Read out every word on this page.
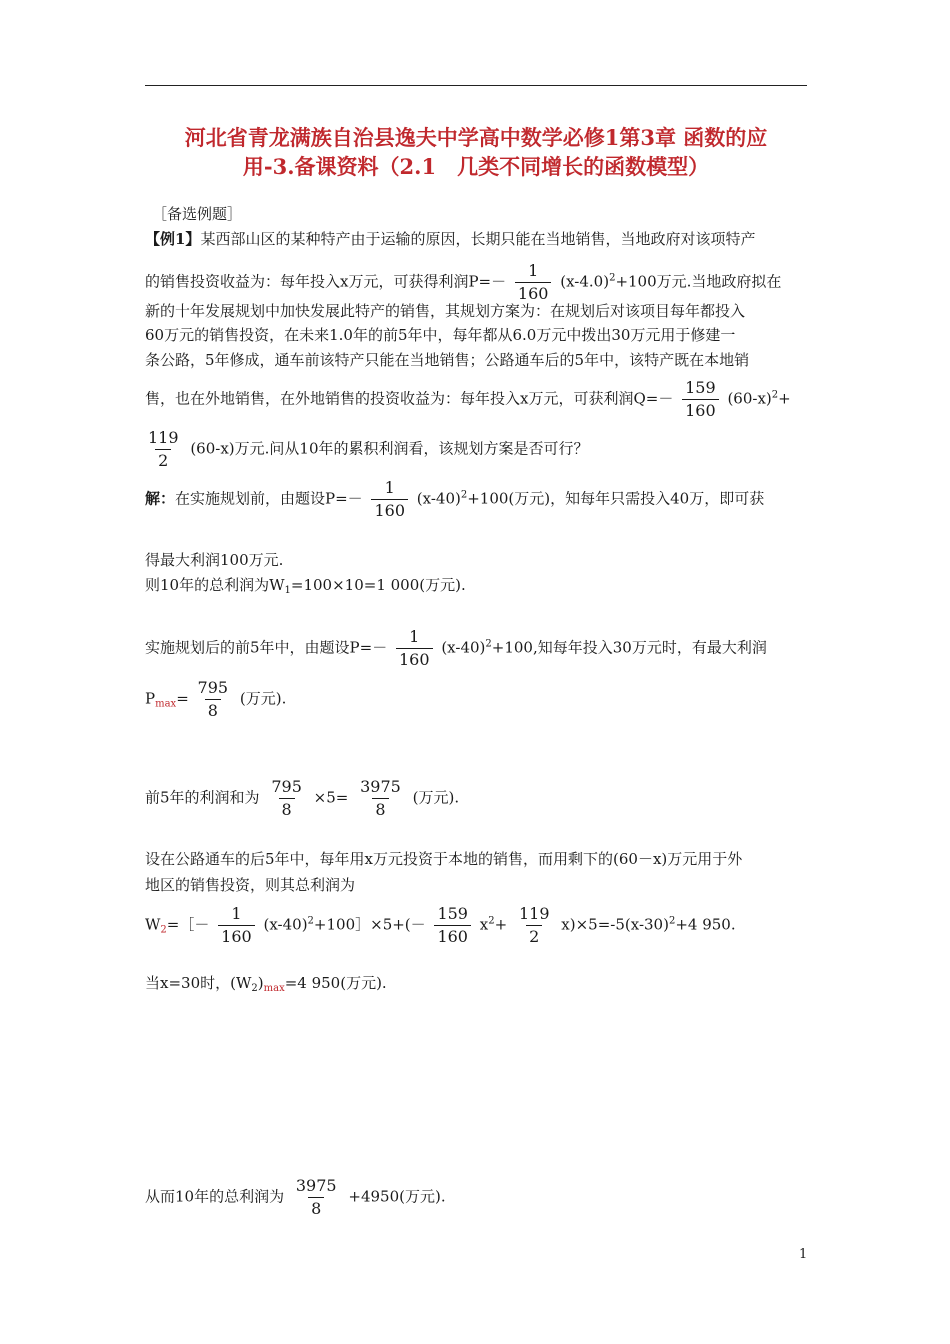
河北省青龙满族自治县逸夫中学高中数学必修1第3章 函数的应
用-3.备课资料（2.1　几类不同增长的函数模型）
［备选例题］
【例1】某西部山区的某种特产由于运输的原因，长期只能在当地销售，当地政府对该项特产
的销售投资收益为：每年投入x万元，可获得利润$P=- \frac{1}{160} (x-4.0)^2+100$万元.当地政府拟在
新的十年发展规划中加快发展此特产的销售，其规划方案为：在规划后对该项目每年都投入
60万元的销售投资，在未来1.0年的前5年中，每年都从6.0万元中拨出30万元用于修建一
条公路，5年修成，通车前该特产只能在当地销售；公路通车后的5年中，该特产既在本地销
售，也在外地销售，在外地销售的投资收益为：每年投入x万元，可获利润$Q=- \frac{159}{160} (60-x)^2+$
$\frac{119}{2} (60-x)$万元.问从10年的累积利润看，该规划方案是否可行？
解：在实施规划前，由题设$P=- \frac{1}{160} (x-40)^2+100$(万元)，知每年只需投入40万，即可获
得最大利润100万元.
则10年的总利润为$W_1=100\times 10=1$ 000(万元).
实施规划后的前5年中，由题设$P=- \frac{1}{160} (x-40)^2+100$,知每年投入30万元时，有最大利润
$P_{max}= \frac{795}{8}$ (万元).
前5年的利润和为 $\frac{795}{8} \times 5= \frac{3975}{8}$ (万元).
设在公路通车的后5年中，每年用x万元投资于本地的销售，而用剩下的(60－x)万元用于外
地区的销售投资，则其总利润为
$W_2=[- \frac{1}{160}$ $(x-40)^2+100]\times 5+(- \frac{159}{160} x^2+ \frac{119}{2} x)\times 5=-5(x-30)^2+4$ 950.
当x=30时，$(W_2)_{max}=4$ 950(万元).
从而10年的总利润为 $\frac{3975}{8} +4950$(万元).
1
